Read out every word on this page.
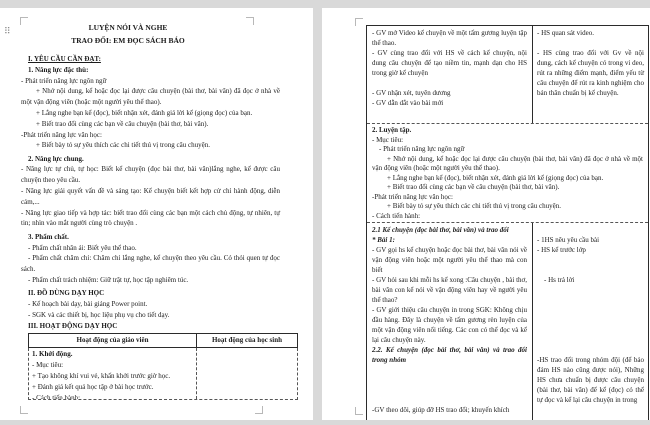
⠿	LUYỆN NÓI VÀ NGHE
TRAO ĐỔI: EM ĐỌC SÁCH BÁO
I. YÊU CẦU CẦN ĐẠT:
1. Năng lực đặc thù:
- Phát triển năng lực ngôn ngữ
+ Nhớ nội dung, kể hoặc đọc lại được câu chuyện (bài thơ, bài văn) đã đọc ở nhà về một vận động viên (hoặc một người yêu thể thao).
+ Lắng nghe bạn kể (đọc), biết nhận xét, đánh giá lời kể (giọng đọc) của bạn.
+ Biết trao đổi cùng các bạn về câu chuyện (bài thơ, bài văn).
-Phát triển năng lực văn học:
+ Biết bày tỏ sự yêu thích các chi tiết thú vị trong câu chuyện.
2. Năng lực chung.
- Năng lực tự chủ, tự học: Biết kể chuyện (đọc bài thơ, bài văn)lắng nghe, kể được câu chuyện theo yêu cầu.
- Năng lực giải quyết vấn đề và sáng tạo: Kể chuyện biết kết hợp cử chỉ hành động, diễn cảm,...
- Năng lực giao tiếp và hợp tác: biết trao đổi cùng các bạn một cách chủ động, tự nhiên, tự tin; nhìn vào mắt người cùng trò chuyện .
3. Phẩm chất.
- Phẩm chất nhân ái: Biết yêu thể thao.
- Phẩm chất chăm chỉ: Chăm chỉ lắng nghe, kể chuyện theo yêu cầu. Có thói quen tự đọc sách.
- Phẩm chất trách nhiệm: Giữ trật tự, học tập nghiêm túc.
II. ĐỒ DÙNG DẠY HỌC
- Kế hoạch bài dạy, bài giảng Power point.
- SGK và các thiết bị, học liệu phụ vụ cho tiết dạy.
III. HOẠT ĐỘNG DẠY HỌC
Hoạt động của giáo viên	Hoạt động của học sinh
1. Khởi động.
- Mục tiêu:
+ Tạo không khí vui vẻ, khấn khởi trước giờ học.
+ Đánh giá kết quả học tập ở bài học trước.
- Cách tiến hành:
- GV mở Video kể chuyện về một tấm gương luyện tập thể thao.
- GV cùng trao đổi với HS về cách kể chuyện, nội dung câu chuyện để tạo niềm tin, mạnh dạn cho HS trong giờ kể chuyện
- GV nhận xét, tuyên dương
- GV dẫn dắt vào bài mới
- HS quan sát video.
- HS cùng trao đổi với Gv về nội dung, cách kể chuyện có trong vi deo, rút ra những điểm mạnh, điểm yếu từ câu chuyện để rút ra kinh nghiệm cho bản thân chuẩn bị kể chuyện.
2. Luyện tập.
- Mục tiêu:
- Phát triển năng lực ngôn ngữ
+ Nhớ nội dung, kể hoặc đọc lại được câu chuyện (bài thơ, bài văn) đã đọc ở nhà về một vận động viên (hoặc một người yêu thể thao).
+ Lắng nghe bạn kể (đọc), biết nhận xét, đánh giá lời kể (giọng đọc) của bạn.
+ Biết trao đổi cùng các bạn về câu chuyện (bài thơ, bài văn).
-Phát triển năng lực văn học:
+ Biết bày tỏ sự yêu thích các chi tiết thú vị trong câu chuyện.
- Cách tiến hành:
2.1 Kể chuyện (đọc bài thơ, bài văn) và trao đổi
* Bài 1:
- GV gọi hs kể chuyện hoặc đọc bài thơ, bài văn nói về vận động viên hoặc một người yêu thể thao mà con biết
- GV hỏi sau khi mỗi hs kể xong :Câu chuyện , bài thơ, bài văn con kể nói về vận động viên hay về người yêu thể thao?
- GV giới thiệu câu chuyện in trong SGK: Không chịu đầu hàng. Đây là chuyện về tấm gương rèn luyện của một vận động viên nổi tiếng. Các con có thể đọc và kể lại câu chuyện này.
2.2. Kể chuyện (đọc bài thơ, bài văn) và trao đổi trong nhóm
-GV theo dõi, giúp đỡ HS trao đổi; khuyến khích
- 1HS nêu yêu cầu bài
- HS kể trước lớp
- Hs trả lời
-HS trao đổi trong nhóm đội (để bảo đảm HS nào cũng được nói), Những HS chưa chuẩn bị được câu chuyện (bài thơ, bài văn) để kể (đọc) có thể tự đọc và kể lại câu chuyện in trong
